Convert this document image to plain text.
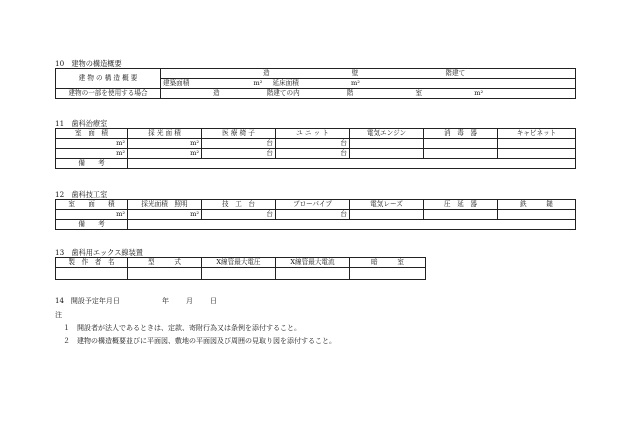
10　建物の構造概要
建 物 の 構 造 概 要	造 壁 階建て
	建築面積 m² 延床面積 m²
建物の一部を使用する場合	造 階建ての内 階 室 m²
11　歯科治療室
室　面　積	採 光 面 積	医 療 椅 子	ユ ニ ッ ト	電気エンジン	消　毒　器	キャビネット
m²	m²	台	台			
m²	m²	台	台			
備　　考						
12　歯科技工室
室　　面　　積	採光面積　照明	技　工　台	ブローパイプ	電気レーズ	圧　延　器	鉄　　　鎚
m²	m²	台	台			
備　　考						
13　歯科用エックス線装置
製　作　者　名	型　　　式	X線管最大電圧	X線管最大電流	暗　　　室

14　開設予定年月日	年 月 日
注
１　開設者が法人であるときは、定款、寄附行為又は条例を添付すること。
２　建物の構造概要並びに平面図、敷地の平面図及び周囲の見取り図を添付すること。
